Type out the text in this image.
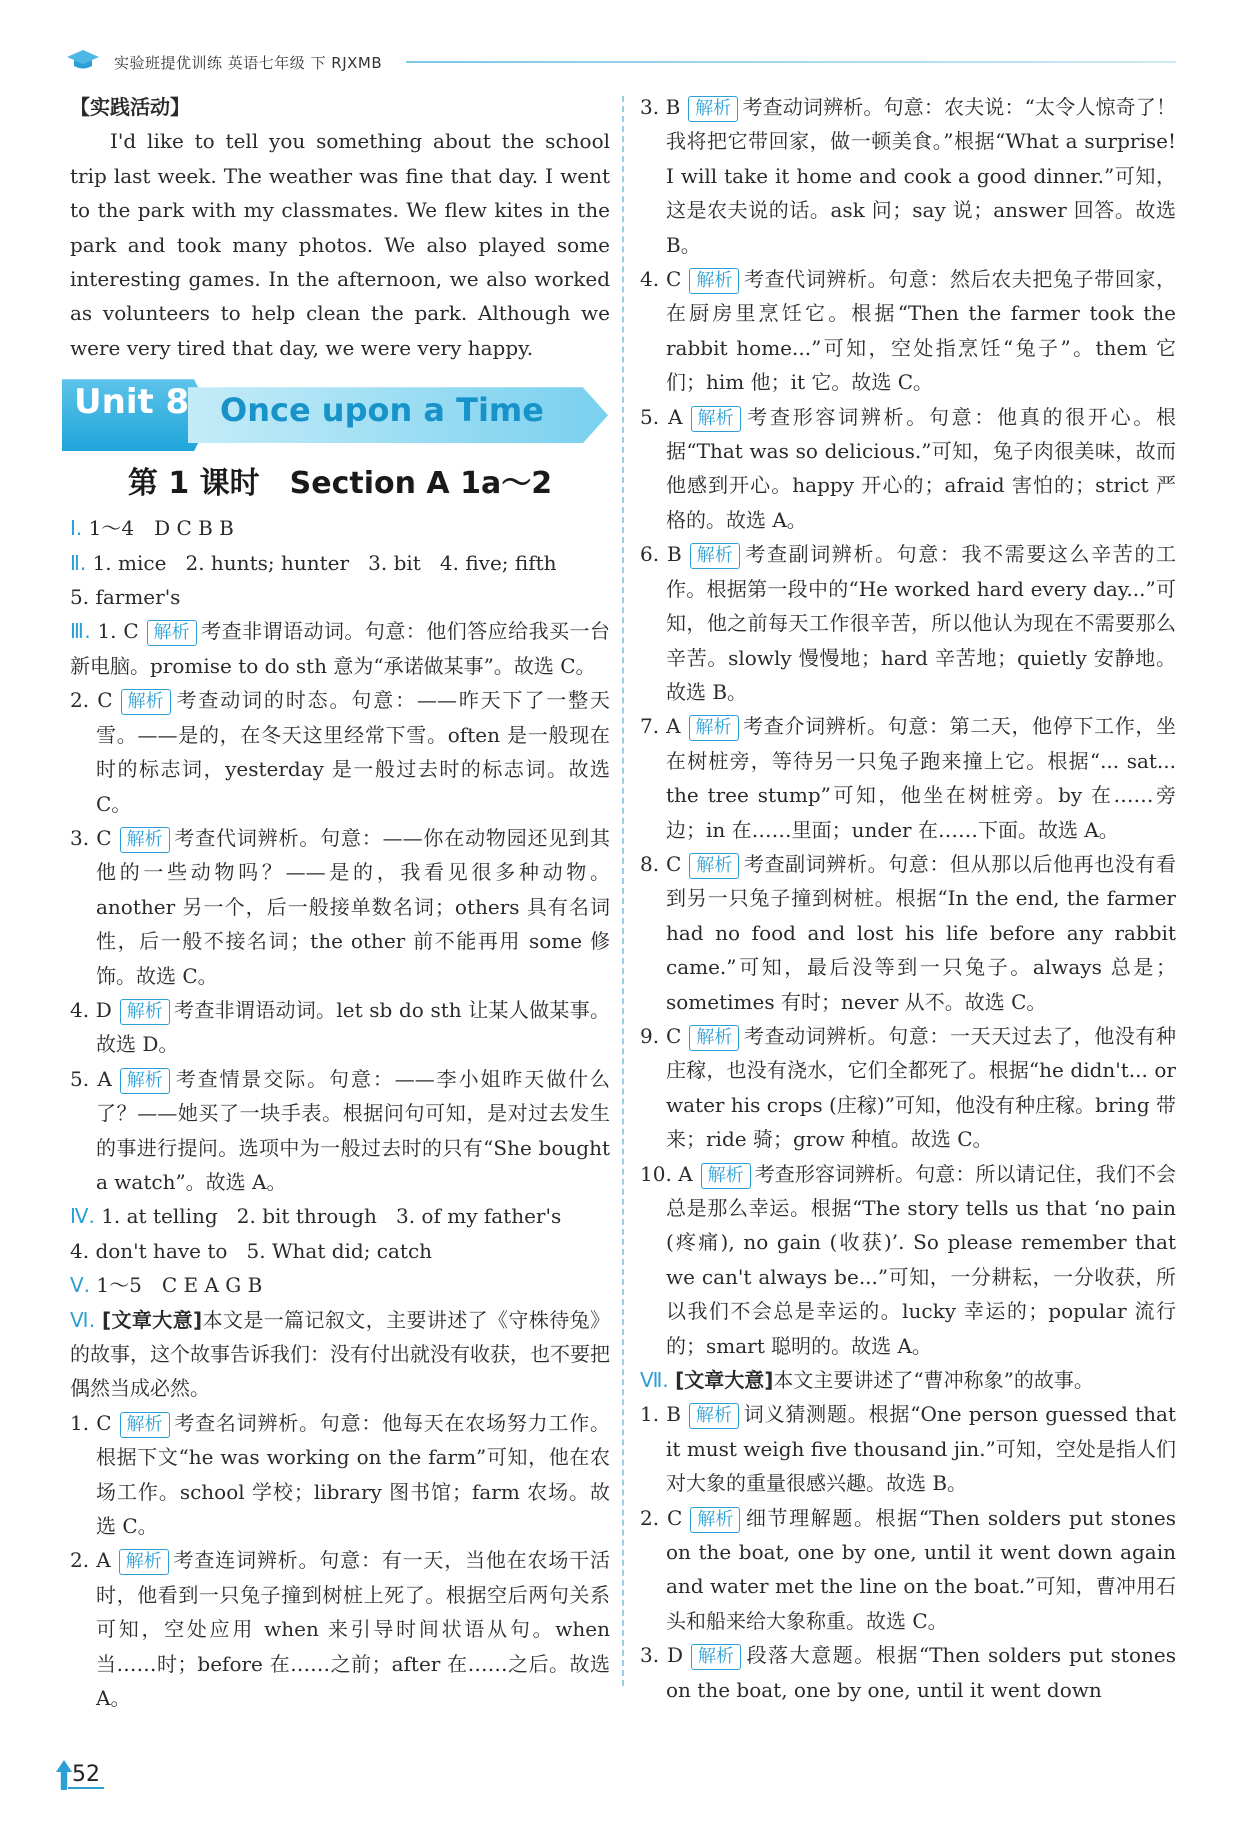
实验班提优训练 英语七年级 下 RJXMB

【实践活动】

I'd like to tell you something about the school trip last week. The weather was fine that day. I went to the park with my classmates. We flew kites in the park and took many photos. We also played some interesting games. In the afternoon, we also worked as volunteers to help clean the park. Although we were very tired that day, we were very happy.

Unit 8 Once upon a Time
第 1 课时　Section A 1a～2

Ⅰ. 1～4　D C B B

Ⅱ. 1. mice 2. hunts; hunter 3. bit 4. five; fifth
5. farmer's

Ⅲ. 1. C 解析 考查非谓语动词。句意：他们答应给我买一台新电脑。promise to do sth 意为“承诺做某事”。故选 C。

2. C 解析 考查动词的时态。句意：——昨天下了一整天雪。——是的，在冬天这里经常下雪。often 是一般现在时的标志词，yesterday 是一般过去时的标志词。故选 C。

3. C 解析 考查代词辨析。句意：——你在动物园还见到其他的一些动物吗？——是的，我看见很多种动物。another 另一个，后一般接单数名词；others 具有名词性，后一般不接名词；the other 前不能再用 some 修饰。故选 C。

4. D 解析 考查非谓语动词。let sb do sth 让某人做某事。故选 D。

5. A 解析 考查情景交际。句意：——李小姐昨天做什么了？——她买了一块手表。根据问句可知，是对过去发生的事进行提问。选项中为一般过去时的只有“She bought a watch”。故选 A。

Ⅳ. 1. at telling 2. bit through 3. of my father's
4. don't have to 5. What did; catch

Ⅴ. 1～5　C E A G B

Ⅵ. [文章大意]本文是一篇记叙文，主要讲述了《守株待兔》的故事，这个故事告诉我们：没有付出就没有收获，也不要把偶然当成必然。

1. C 解析 考查名词辨析。句意：他每天在农场努力工作。根据下文“he was working on the farm”可知，他在农场工作。school 学校；library 图书馆；farm 农场。故选 C。

2. A 解析 考查连词辨析。句意：有一天，当他在农场干活时，他看到一只兔子撞到树桩上死了。根据空后两句关系可知，空处应用 when 来引导时间状语从句。when 当……时；before 在……之前；after 在……之后。故选 A。

3. B 解析 考查动词辨析。句意：农夫说：“太令人惊奇了！我将把它带回家，做一顿美食。”根据“What a surprise! I will take it home and cook a good dinner.”可知，这是农夫说的话。ask 问；say 说；answer 回答。故选 B。

4. C 解析 考查代词辨析。句意：然后农夫把兔子带回家，在厨房里烹饪它。根据“Then the farmer took the rabbit home...”可知，空处指烹饪“兔子”。them 它们；him 他；it 它。故选 C。

5. A 解析 考查形容词辨析。句意：他真的很开心。根据“That was so delicious.”可知，兔子肉很美味，故而他感到开心。happy 开心的；afraid 害怕的；strict 严格的。故选 A。

6. B 解析 考查副词辨析。句意：我不需要这么辛苦的工作。根据第一段中的“He worked hard every day...”可知，他之前每天工作很辛苦，所以他认为现在不需要那么辛苦。slowly 慢慢地；hard 辛苦地；quietly 安静地。故选 B。

7. A 解析 考查介词辨析。句意：第二天，他停下工作，坐在树桩旁，等待另一只兔子跑来撞上它。根据“... sat... the tree stump”可知，他坐在树桩旁。by 在……旁边；in 在……里面；under 在……下面。故选 A。

8. C 解析 考查副词辨析。句意：但从那以后他再也没有看到另一只兔子撞到树桩。根据“In the end, the farmer had no food and lost his life before any rabbit came.”可知，最后没等到一只兔子。always 总是；sometimes 有时；never 从不。故选 C。

9. C 解析 考查动词辨析。句意：一天天过去了，他没有种庄稼，也没有浇水，它们全都死了。根据“he didn't... or water his crops (庄稼)”可知，他没有种庄稼。bring 带来；ride 骑；grow 种植。故选 C。

10. A 解析 考查形容词辨析。句意：所以请记住，我们不会总是那么幸运。根据“The story tells us that ‘no pain (疼痛), no gain (收获)’. So please remember that we can't always be...”可知，一分耕耘，一分收获，所以我们不会总是幸运的。lucky 幸运的；popular 流行的；smart 聪明的。故选 A。

Ⅶ. [文章大意]本文主要讲述了“曹冲称象”的故事。

1. B 解析 词义猜测题。根据“One person guessed that it must weigh five thousand jin.”可知，空处是指人们对大象的重量很感兴趣。故选 B。

2. C 解析 细节理解题。根据“Then solders put stones on the boat, one by one, until it went down again and water met the line on the boat.”可知，曹冲用石头和船来给大象称重。故选 C。

3. D 解析 段落大意题。根据“Then solders put stones on the boat, one by one, until it went down

52
